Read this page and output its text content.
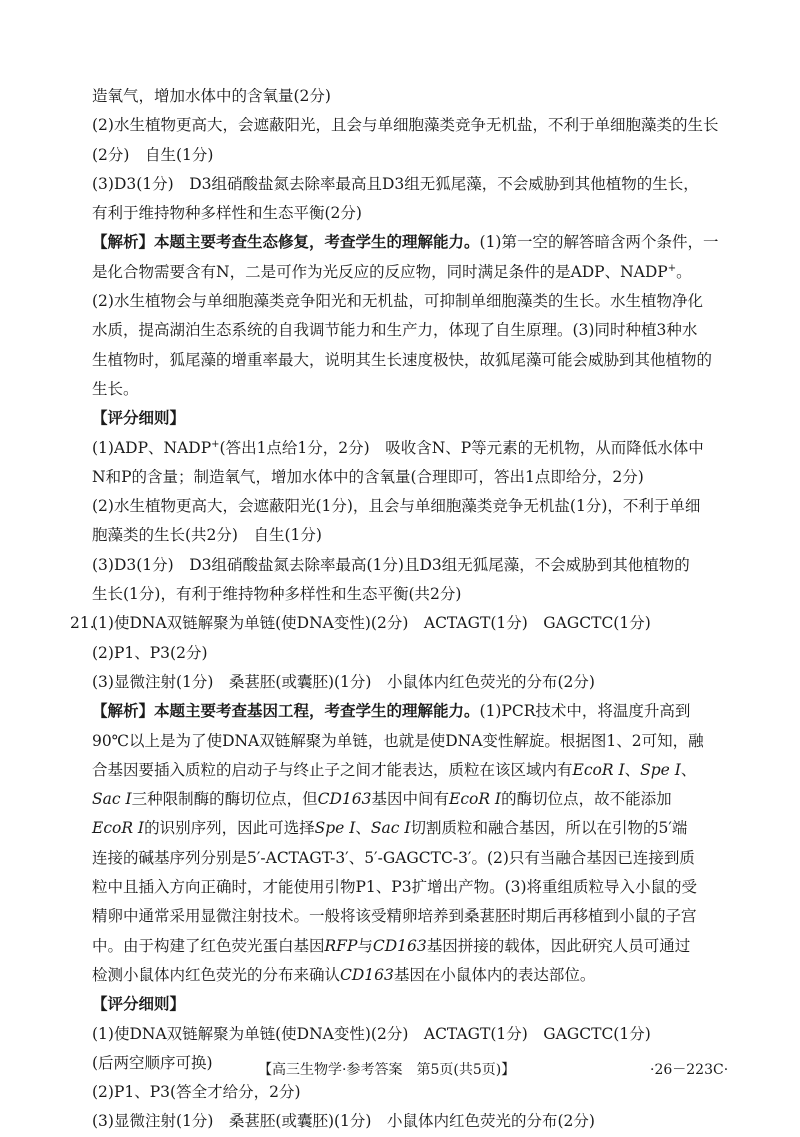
造氧气，增加水体中的含氧量(2分)
(2)水生植物更高大，会遮蔽阳光，且会与单细胞藻类竞争无机盐，不利于单细胞藻类的生长
(2分)　自生(1分)
(3)D3(1分)　D3组硝酸盐氮去除率最高且D3组无狐尾藻，不会威胁到其他植物的生长，
有利于维持物种多样性和生态平衡(2分)
【解析】本题主要考查生态修复，考查学生的理解能力。(1)第一空的解答暗含两个条件，一
是化合物需要含有N，二是可作为光反应的反应物，同时满足条件的是ADP、NADP+。
(2)水生植物会与单细胞藻类竞争阳光和无机盐，可抑制单细胞藻类的生长。水生植物净化
水质，提高湖泊生态系统的自我调节能力和生产力，体现了自生原理。(3)同时种植3种水
生植物时，狐尾藻的增重率最大，说明其生长速度极快，故狐尾藻可能会威胁到其他植物的
生长。
【评分细则】
(1)ADP、NADP+(答出1点给1分，2分)　吸收含N、P等元素的无机物，从而降低水体中
N和P的含量；制造氧气，增加水体中的含氧量(合理即可，答出1点即给分，2分)
(2)水生植物更高大，会遮蔽阳光(1分)，且会与单细胞藻类竞争无机盐(1分)，不利于单细
胞藻类的生长(共2分)　自生(1分)
(3)D3(1分)　D3组硝酸盐氮去除率最高(1分)且D3组无狐尾藻，不会威胁到其他植物的
生长(1分)，有利于维持物种多样性和生态平衡(共2分)
21.
(1)使DNA双链解聚为单链(使DNA变性)(2分)　ACTAGT(1分)　GAGCTC(1分)
(2)P1、P3(2分)
(3)显微注射(1分)　桑葚胚(或囊胚)(1分)　小鼠体内红色荧光的分布(2分)
【解析】本题主要考查基因工程，考查学生的理解能力。(1)PCR技术中，将温度升高到
90℃以上是为了使DNA双链解聚为单链，也就是使DNA变性解旋。根据图1、2可知，融
合基因要插入质粒的启动子与终止子之间才能表达，质粒在该区域内有EcoR Ⅰ、Spe Ⅰ、
Sac Ⅰ三种限制酶的酶切位点，但CD163基因中间有EcoR Ⅰ的酶切位点，故不能添加
EcoR Ⅰ的识别序列，因此可选择Spe Ⅰ、Sac Ⅰ切割质粒和融合基因，所以在引物的5′端
连接的碱基序列分别是5′-ACTAGT-3′、5′-GAGCTC-3′。(2)只有当融合基因已连接到质
粒中且插入方向正确时，才能使用引物P1、P3扩增出产物。(3)将重组质粒导入小鼠的受
精卵中通常采用显微注射技术。一般将该受精卵培养到桑葚胚时期后再移植到小鼠的子宫
中。由于构建了红色荧光蛋白基因RFP与CD163基因拼接的载体，因此研究人员可通过
检测小鼠体内红色荧光的分布来确认CD163基因在小鼠体内的表达部位。
【评分细则】
(1)使DNA双链解聚为单链(使DNA变性)(2分)　ACTAGT(1分)　GAGCTC(1分)
(后两空顺序可换)
(2)P1、P3(答全才给分，2分)
(3)显微注射(1分)　桑葚胚(或囊胚)(1分)　小鼠体内红色荧光的分布(2分)
【高三生物学·参考答案　第5页(共5页)】	·26－223C·
